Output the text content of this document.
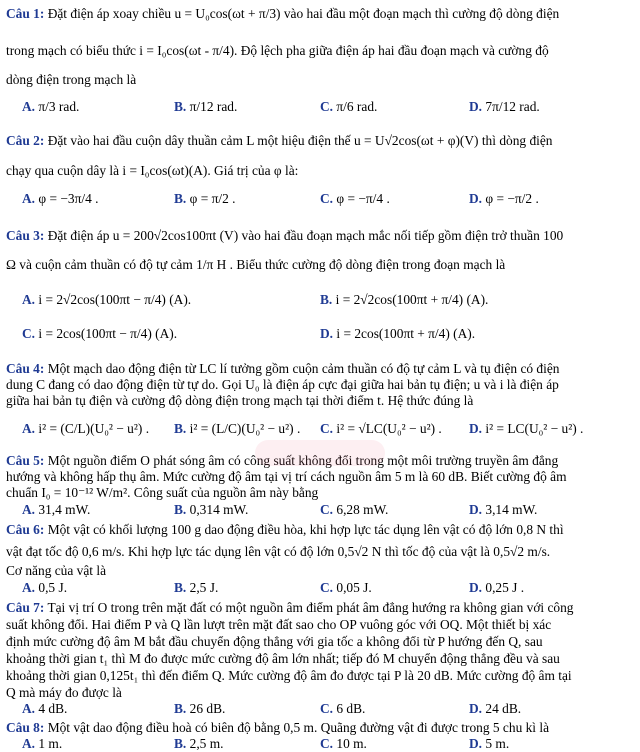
Câu 1: Đặt điện áp xoay chiều u = U₀cos(ωt + π/3) vào hai đầu một đoạn mạch thì cường độ dòng điện
trong mạch có biểu thức i = I₀cos(ωt - π/4). Độ lệch pha giữa điện áp hai đầu đoạn mạch và cường độ
dòng điện trong mạch là
A. π/3 rad.	B. π/12 rad.	C. π/6 rad.	D. 7π/12 rad.
Câu 2: Đặt vào hai đầu cuộn dây thuần cảm L một hiệu điện thế u = U√2cos(ωt + φ)(V) thì dòng điện
chạy qua cuộn dây là i = I₀cos(ωt)(A). Giá trị của φ là:
A. φ = −3π/4 .	B. φ = π/2 .	C. φ = −π/4 .	D. φ = −π/2 .
Câu 3: Đặt điện áp u = 200√2cos100πt (V) vào hai đầu đoạn mạch mắc nối tiếp gồm điện trở thuần 100
Ω và cuộn cảm thuần có độ tự cảm 1/π H . Biểu thức cường độ dòng điện trong đoạn mạch là
A. i = 2√2cos(100πt − π/4) (A).	B. i = 2√2cos(100πt + π/4) (A).
C. i = 2cos(100πt − π/4) (A).	D. i = 2cos(100πt + π/4) (A).
Câu 4: Một mạch dao động điện từ LC lí tưởng gồm cuộn cảm thuần có độ tự cảm L và tụ điện có điện
dung C đang có dao động điện từ tự do. Gọi U₀ là điện áp cực đại giữa hai bản tụ điện; u và i là điện áp
giữa hai bản tụ điện và cường độ dòng điện trong mạch tại thời điểm t. Hệ thức đúng là
A. i² = (C/L)(U₀² − u²) . B. i² = (L/C)(U₀² − u²) . C. i² = √LC(U₀² − u²) . D. i² = LC(U₀² − u²) .
Câu 5: Một nguồn điểm O phát sóng âm có công suất không đổi trong một môi trường truyền âm đẳng
hướng và không hấp thụ âm. Mức cường độ âm tại vị trí cách nguồn âm 5 m là 60 dB. Biết cường độ âm
chuẩn I₀ = 10⁻¹² W/m². Công suất của nguồn âm này bằng
A. 31,4 mW.	B. 0,314 mW.	C. 6,28 mW.	D. 3,14 mW.
Câu 6: Một vật có khối lượng 100 g dao động điều hòa, khi hợp lực tác dụng lên vật có độ lớn 0,8 N thì
vật đạt tốc độ 0,6 m/s. Khi hợp lực tác dụng lên vật có độ lớn 0,5√2 N thì tốc độ của vật là 0,5√2 m/s.
Cơ năng của vật là
A. 0,5 J.	B. 2,5 J.	C. 0,05 J.	D. 0,25 J .
Câu 7: Tại vị trí O trong trên mặt đất có một nguồn âm điểm phát âm đẳng hướng ra không gian với công
suất không đổi. Hai điểm P và Q lần lượt trên mặt đất sao cho OP vuông góc với OQ. Một thiết bị xác
định mức cường độ âm M bắt đầu chuyển động thẳng với gia tốc a không đổi từ P hướng đến Q, sau
khoảng thời gian t₁ thì M đo được mức cường độ âm lớn nhất; tiếp đó M chuyển động thẳng đều và sau
khoảng thời gian 0,125t₁ thì đến điểm Q. Mức cường độ âm đo được tại P là 20 dB. Mức cường độ âm tại
Q mà máy đo được là
A. 4 dB.	B. 26 dB.	C. 6 dB.	D. 24 dB.
Câu 8: Một vật dao động điều hoà có biên độ bằng 0,5 m. Quãng đường vật đi được trong 5 chu kì là
A. 1 m.	B. 2,5 m.	C. 10 m.	D. 5 m.
